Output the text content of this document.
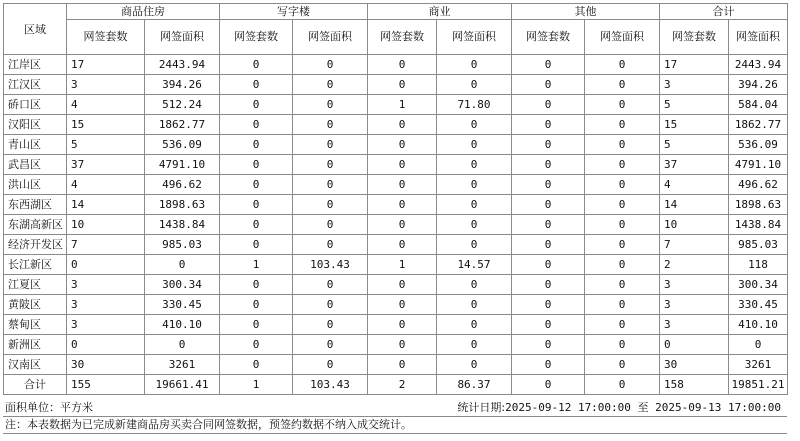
区域	商品住房		写字楼		商业		其他		合计	
	网签套数	网签面积	网签套数	网签面积	网签套数	网签面积	网签套数	网签面积	网签套数	网签面积
江岸区	17	2443.94	0	0	0	0	0	0	17	2443.94
江汉区	3	394.26	0	0	0	0	0	0	3	394.26
硚口区	4	512.24	0	0	1	71.80	0	0	5	584.04
汉阳区	15	1862.77	0	0	0	0	0	0	15	1862.77
青山区	5	536.09	0	0	0	0	0	0	5	536.09
武昌区	37	4791.10	0	0	0	0	0	0	37	4791.10
洪山区	4	496.62	0	0	0	0	0	0	4	496.62
东西湖区	14	1898.63	0	0	0	0	0	0	14	1898.63
东湖高新区	10	1438.84	0	0	0	0	0	0	10	1438.84
经济开发区	7	985.03	0	0	0	0	0	0	7	985.03
长江新区	0	0	1	103.43	1	14.57	0	0	2	118
江夏区	3	300.34	0	0	0	0	0	0	3	300.34
黄陂区	3	330.45	0	0	0	0	0	0	3	330.45
蔡甸区	3	410.10	0	0	0	0	0	0	3	410.10
新洲区	0	0	0	0	0	0	0	0	0	0
汉南区	30	3261	0	0	0	0	0	0	30	3261
合计	155	19661.41	1	103.43	2	86.37	0	0	158	19851.21
面积单位：平方米	统计日期:2025-09-12 17:00:00 至 2025-09-13 17:00:00
注：本表数据为已完成新建商品房买卖合同网签数据，预签约数据不纳入成交统计。
